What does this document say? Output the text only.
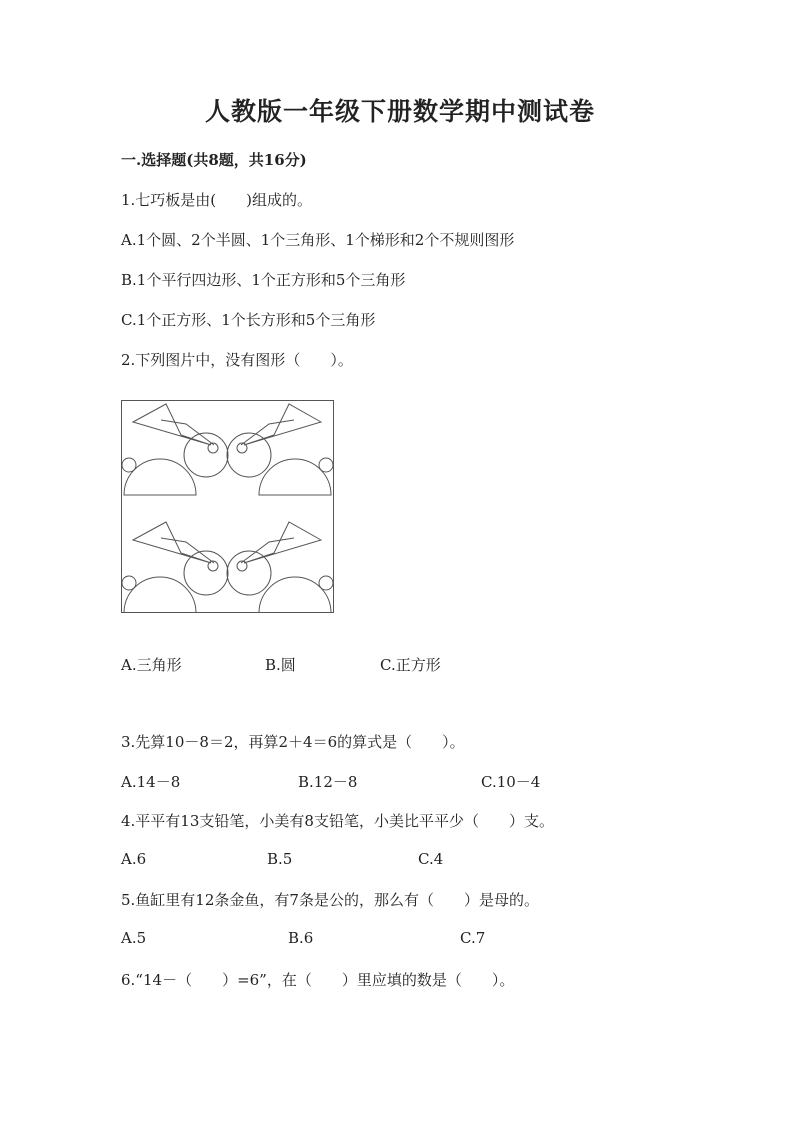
人教版一年级下册数学期中测试卷
一.选择题(共8题，共16分)
1.七巧板是由(　　)组成的。
A.1个圆、2个半圆、1个三角形、1个梯形和2个不规则图形
B.1个平行四边形、1个正方形和5个三角形
C.1个正方形、1个长方形和5个三角形
2.下列图片中，没有图形（　　）。
A.三角形	B.圆	C.正方形
3.先算10－8＝2，再算2＋4＝6的算式是（　　）。
A.14－8	B.12－8	C.10－4
4.平平有13支铅笔，小美有8支铅笔，小美比平平少（　　）支。
A.6	B.5	C.4
5.鱼缸里有12条金鱼，有7条是公的，那么有（　　）是母的。
A.5	B.6	C.7
6.“14－（　　）=6”，在（　　）里应填的数是（　　）。
